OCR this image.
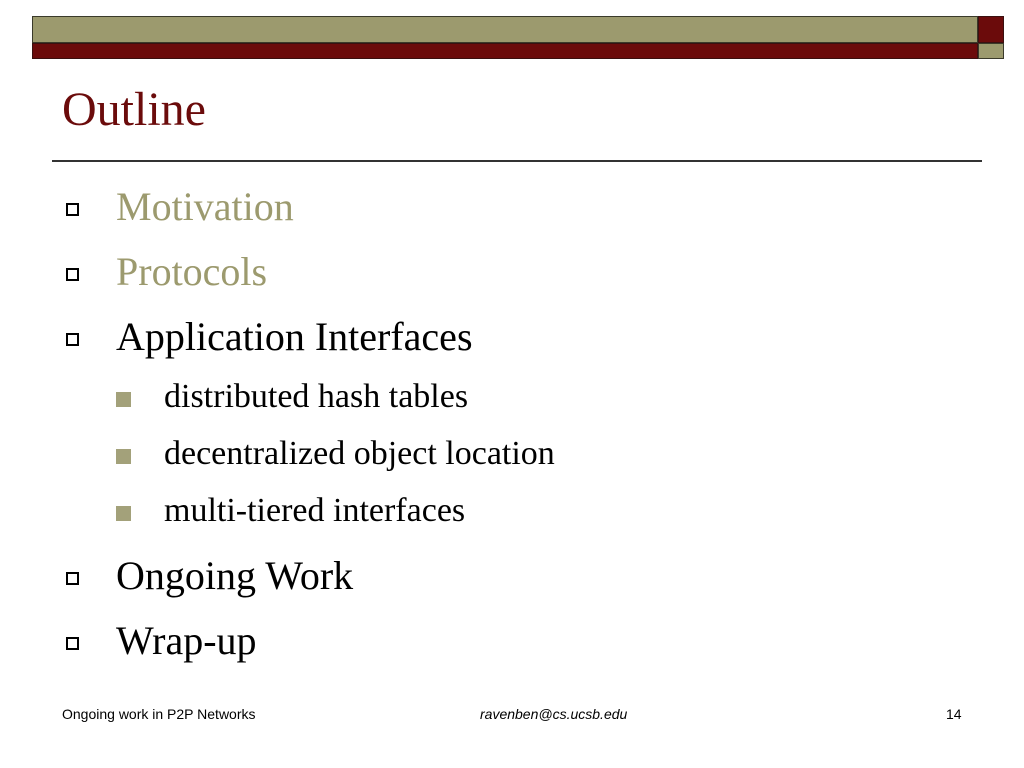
Outline
Motivation
Protocols
Application Interfaces
distributed hash tables
decentralized object location
multi-tiered interfaces
Ongoing Work
Wrap-up
Ongoing work in P2P Networks	ravenben@cs.ucsb.edu	14
